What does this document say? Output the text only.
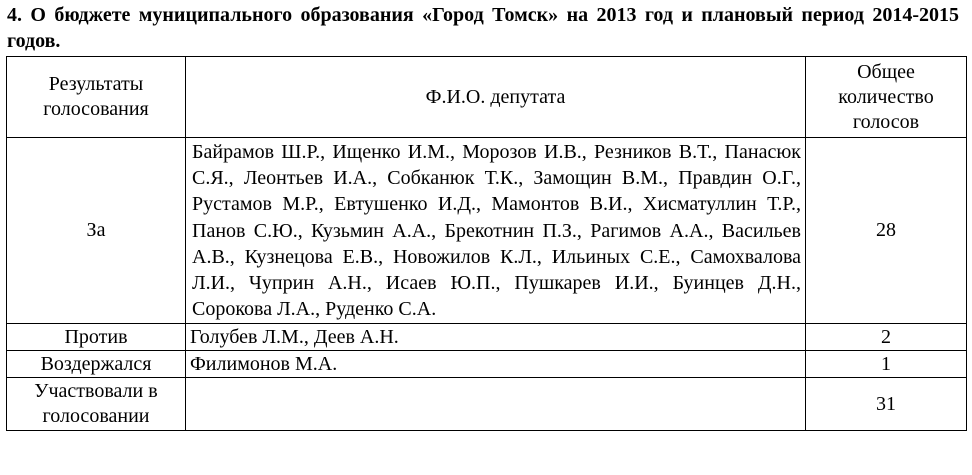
4. О бюджете муниципального образования «Город Томск» на 2013 год и плановый период 2014-2015 годов.
Результаты голосования	Ф.И.О. депутата	Общее количество голосов
За	Байрамов Ш.Р., Ищенко И.М., Морозов И.В., Резников В.Т., Панасюк С.Я., Леонтьев И.А., Собканюк Т.К., Замощин В.М., Правдин О.Г., Рустамов М.Р., Евтушенко И.Д., Мамонтов В.И., Хисматуллин Т.Р., Панов С.Ю., Кузьмин А.А., Брекотнин П.З., Рагимов А.А., Васильев А.В., Кузнецова Е.В., Новожилов К.Л., Ильиных С.Е., Самохвалова Л.И., Чуприн А.Н., Исаев Ю.П., Пушкарев И.И., Буинцев Д.Н., Сорокова Л.А., Руденко С.А.	28
Против	Голубев Л.М., Деев А.Н.	2
Воздержался	Филимонов М.А.	1
Участвовали в голосовании		31
